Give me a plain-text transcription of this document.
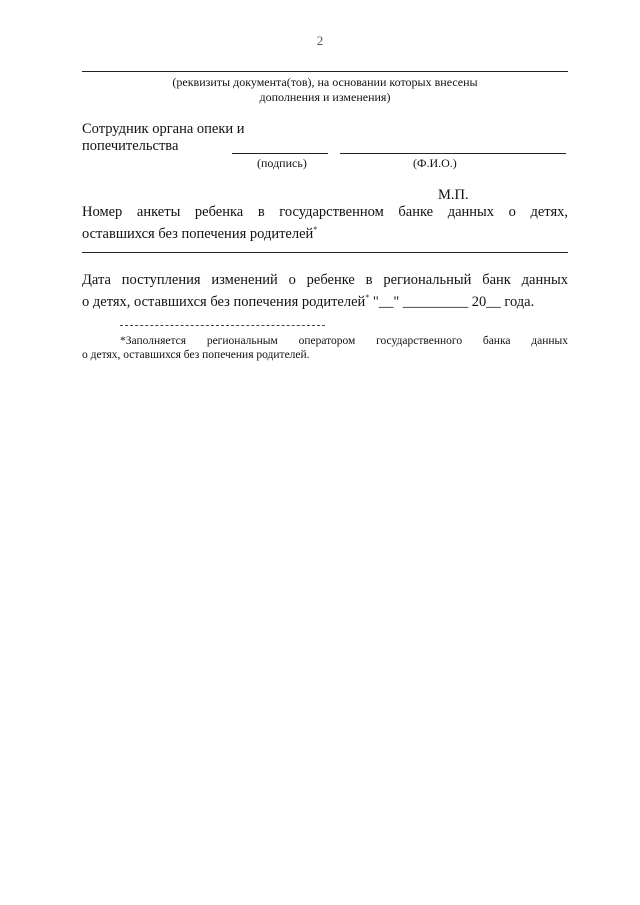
2
(реквизиты документа(тов), на основании которых внесены
дополнения и изменения)
Сотрудник органа опеки и
попечительства
(подпись)	(Ф.И.О.)
М.П.
Номер анкеты ребенка в государственном банке данных о детях,
оставшихся без попечения родителей*
Дата поступления изменений о ребенке в региональный банк данных
о детях, оставшихся без попечения родителей* "__" _________ 20__ года.
*Заполняется региональным оператором государственного банка данных
о детях, оставшихся без попечения родителей.
